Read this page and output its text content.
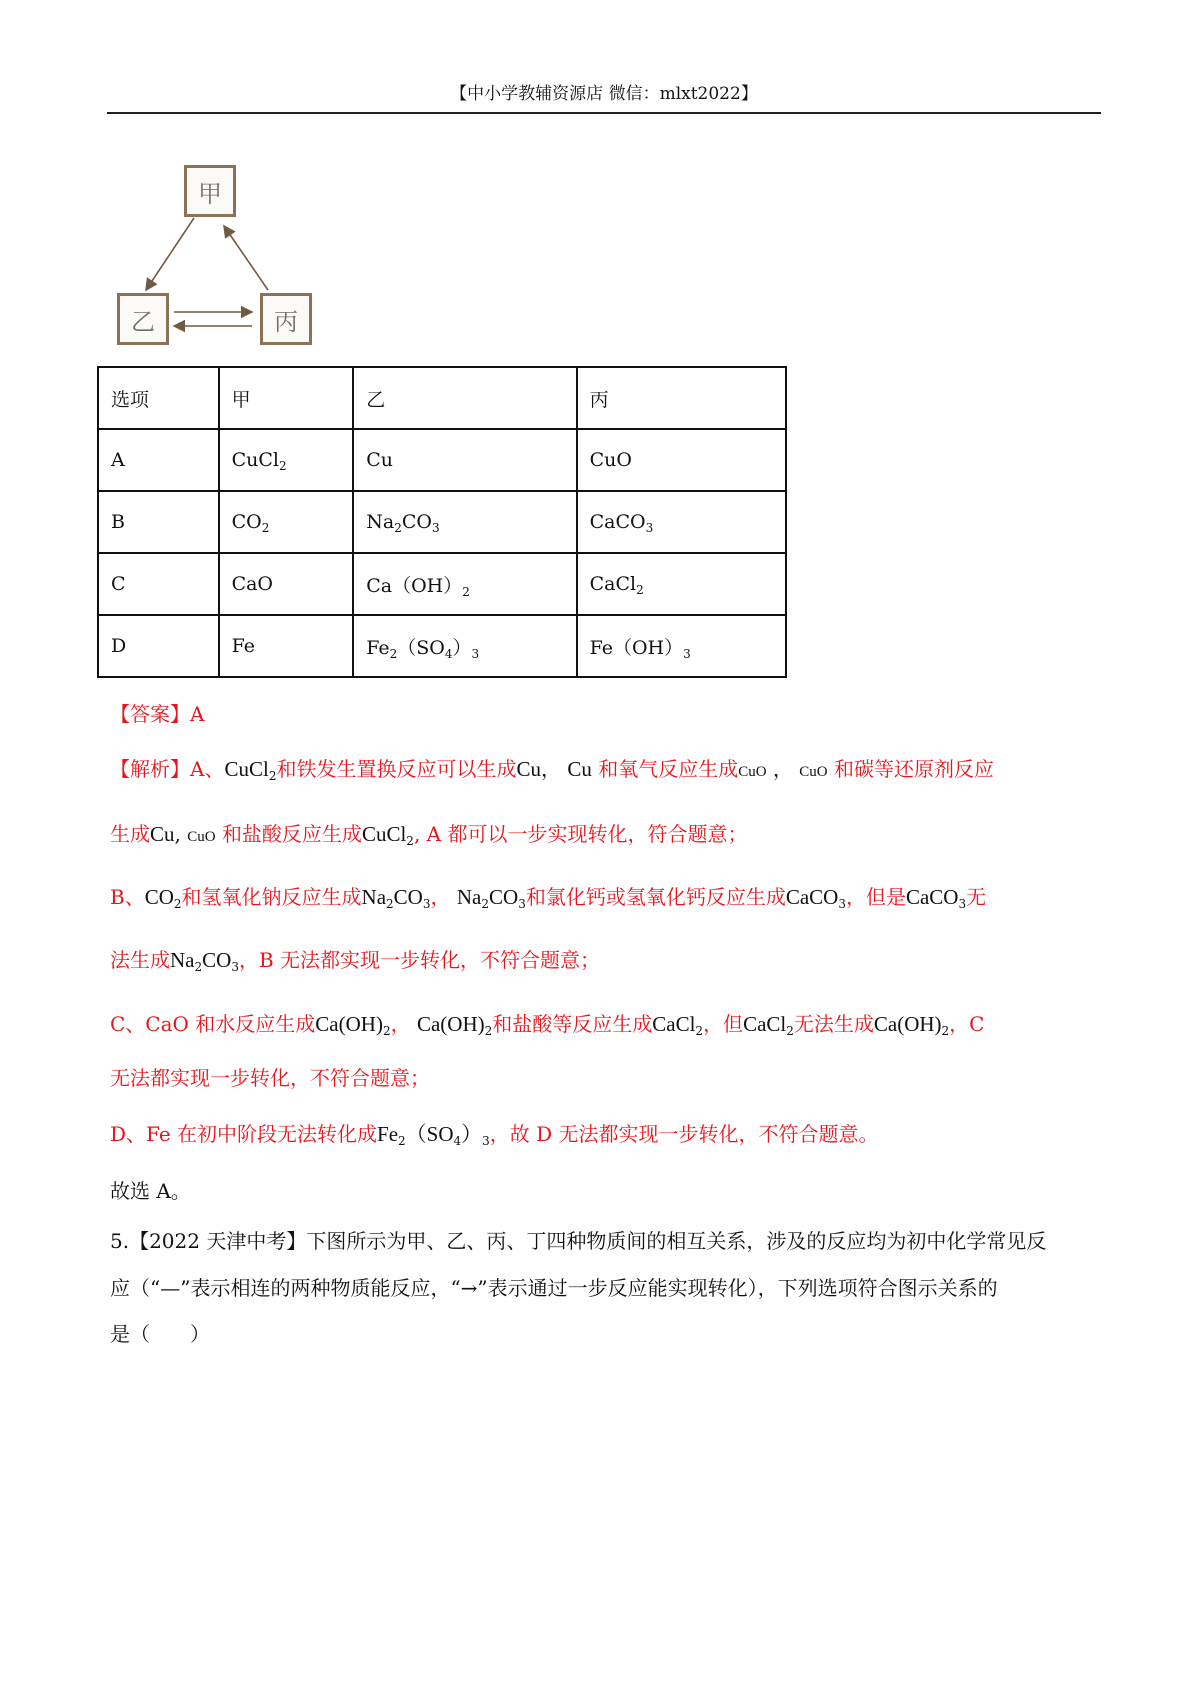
【中小学教辅资源店 微信：mlxt2022】
甲
乙	丙
选项	甲	乙	丙
A	CuCl$_2$	Cu	CuO
B	$CO_2$	$Na_2CO_3$	CaCO$_3$
C	CaO	$Ca(OH)_2$	CaCl$_2$
D	Fe	$Fe_2(SO_4)_3$	$Fe(OH)_3$
【答案】A
【解析】A、CuCl$_2$和铁发生置换反应可以生成Cu， Cu 和氧气反应生成CuO ， CuO 和碳等还原剂反应
生成Cu, CuO 和盐酸反应生成CuCl$_2$, A 都可以一步实现转化，符合题意；
B、$CO_2$和氢氧化钠反应生成$Na_2CO_3$， $Na_2CO_3$和氯化钙或氢氧化钙反应生成CaCO$_3$，但是CaCO$_3$无
法生成$Na_2CO_3$，B 无法都实现一步转化，不符合题意；
C、CaO 和水反应生成$Ca(OH)_2$， $Ca(OH)_2$和盐酸等反应生成CaCl$_2$，但CaCl$_2$无法生成$Ca(OH)_2$，C
无法都实现一步转化，不符合题意；
D、Fe 在初中阶段无法转化成$Fe_2(SO_4)_3$，故 D 无法都实现一步转化，不符合题意。
故选 A。
5.【2022 天津中考】下图所示为甲、乙、丙、丁四种物质间的相互关系，涉及的反应均为初中化学常见反
应（“—”表示相连的两种物质能反应，“→”表示通过一步反应能实现转化），下列选项符合图示关系的
是（　　）
